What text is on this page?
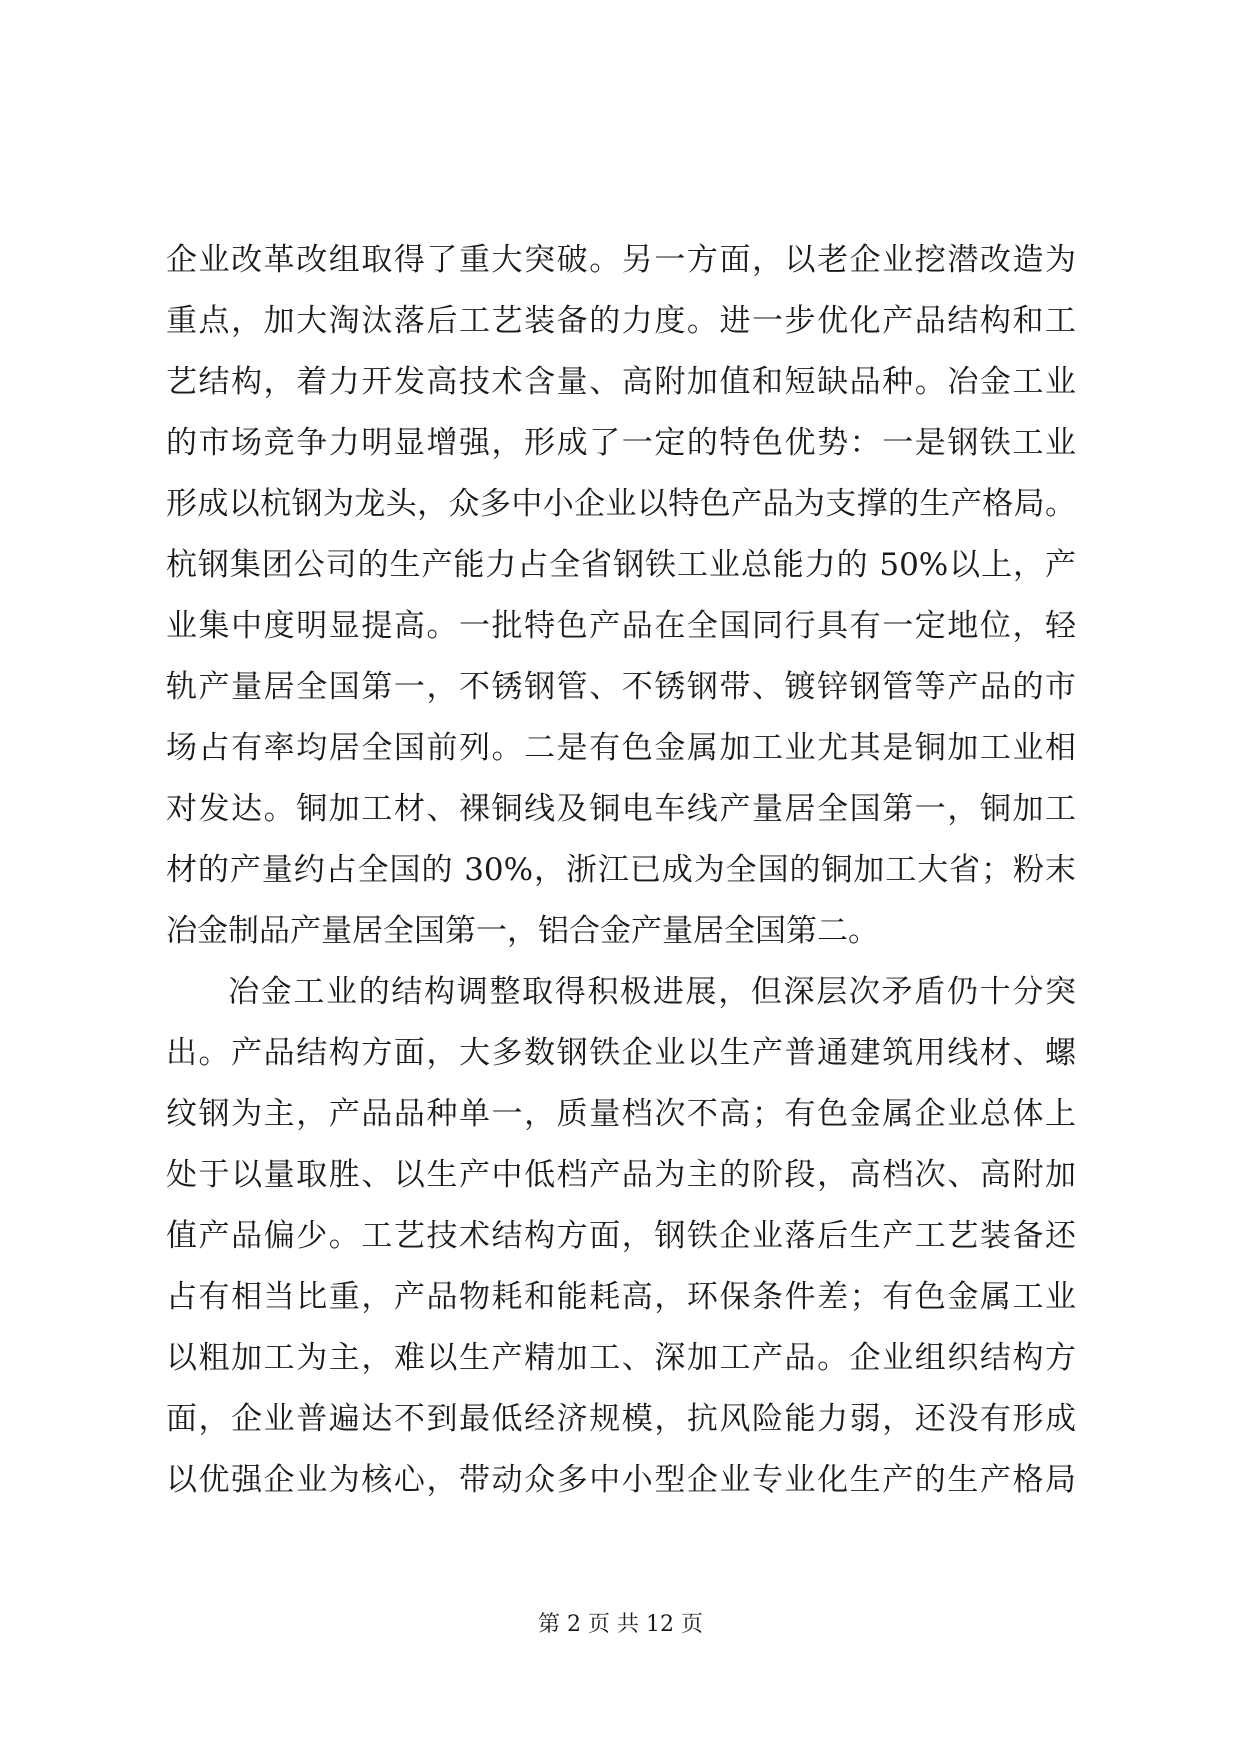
企业改革改组取得了重大突破。另一方面，以老企业挖潜改造为
重点，加大淘汰落后工艺装备的力度。进一步优化产品结构和工
艺结构，着力开发高技术含量、高附加值和短缺品种。冶金工业
的市场竞争力明显增强，形成了一定的特色优势：一是钢铁工业
形成以杭钢为龙头，众多中小企业以特色产品为支撑的生产格局。
杭钢集团公司的生产能力占全省钢铁工业总能力的 50%以上，产
业集中度明显提高。一批特色产品在全国同行具有一定地位，轻
轨产量居全国第一，不锈钢管、不锈钢带、镀锌钢管等产品的市
场占有率均居全国前列。二是有色金属加工业尤其是铜加工业相
对发达。铜加工材、裸铜线及铜电车线产量居全国第一，铜加工
材的产量约占全国的 30%，浙江已成为全国的铜加工大省；粉末
冶金制品产量居全国第一，铝合金产量居全国第二。
冶金工业的结构调整取得积极进展，但深层次矛盾仍十分突
出。产品结构方面，大多数钢铁企业以生产普通建筑用线材、螺
纹钢为主，产品品种单一，质量档次不高；有色金属企业总体上
处于以量取胜、以生产中低档产品为主的阶段，高档次、高附加
值产品偏少。工艺技术结构方面，钢铁企业落后生产工艺装备还
占有相当比重，产品物耗和能耗高，环保条件差；有色金属工业
以粗加工为主，难以生产精加工、深加工产品。企业组织结构方
面，企业普遍达不到最低经济规模，抗风险能力弱，还没有形成
以优强企业为核心，带动众多中小型企业专业化生产的生产格局
第 2 页 共 12 页
